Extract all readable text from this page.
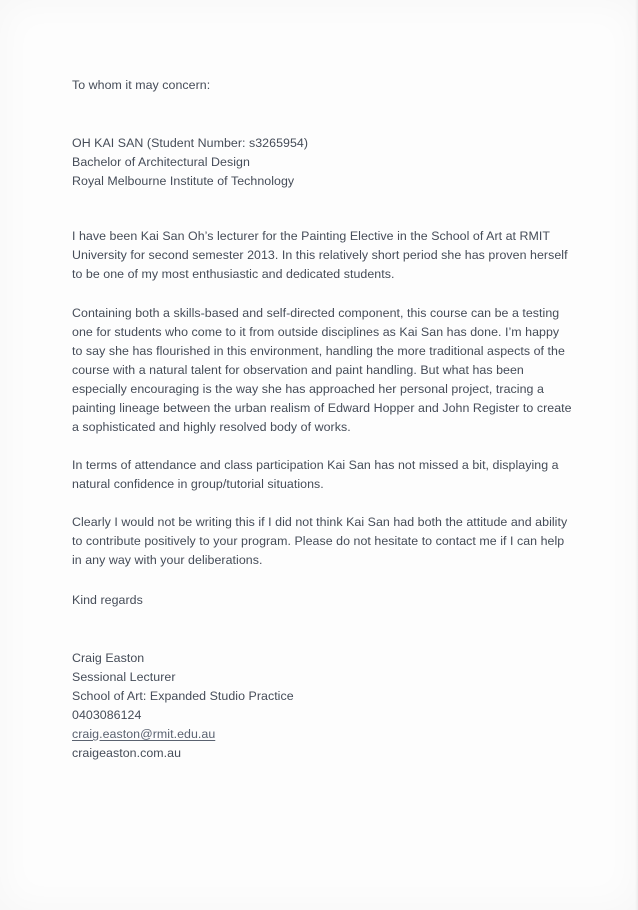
To whom it may concern:

OH KAI SAN (Student Number: s3265954)
Bachelor of Architectural Design
Royal Melbourne Institute of Technology

I have been Kai San Oh’s lecturer for the Painting Elective in the School of Art at RMIT University for second semester 2013. In this relatively short period she has proven herself to be one of my most enthusiastic and dedicated students.

Containing both a skills-based and self-directed component, this course can be a testing one for students who come to it from outside disciplines as Kai San has done. I’m happy to say she has flourished in this environment, handling the more traditional aspects of the course with a natural talent for observation and paint handling. But what has been especially encouraging is the way she has approached her personal project, tracing a painting lineage between the urban realism of Edward Hopper and John Register to create a sophisticated and highly resolved body of works.

In terms of attendance and class participation Kai San has not missed a bit, displaying a natural confidence in group/tutorial situations.

Clearly I would not be writing this if I did not think Kai San had both the attitude and ability to contribute positively to your program. Please do not hesitate to contact me if I can help in any way with your deliberations.

Kind regards

Craig Easton
Sessional Lecturer
School of Art: Expanded Studio Practice
0403086124
craig.easton@rmit.edu.au
craigeaston.com.au
